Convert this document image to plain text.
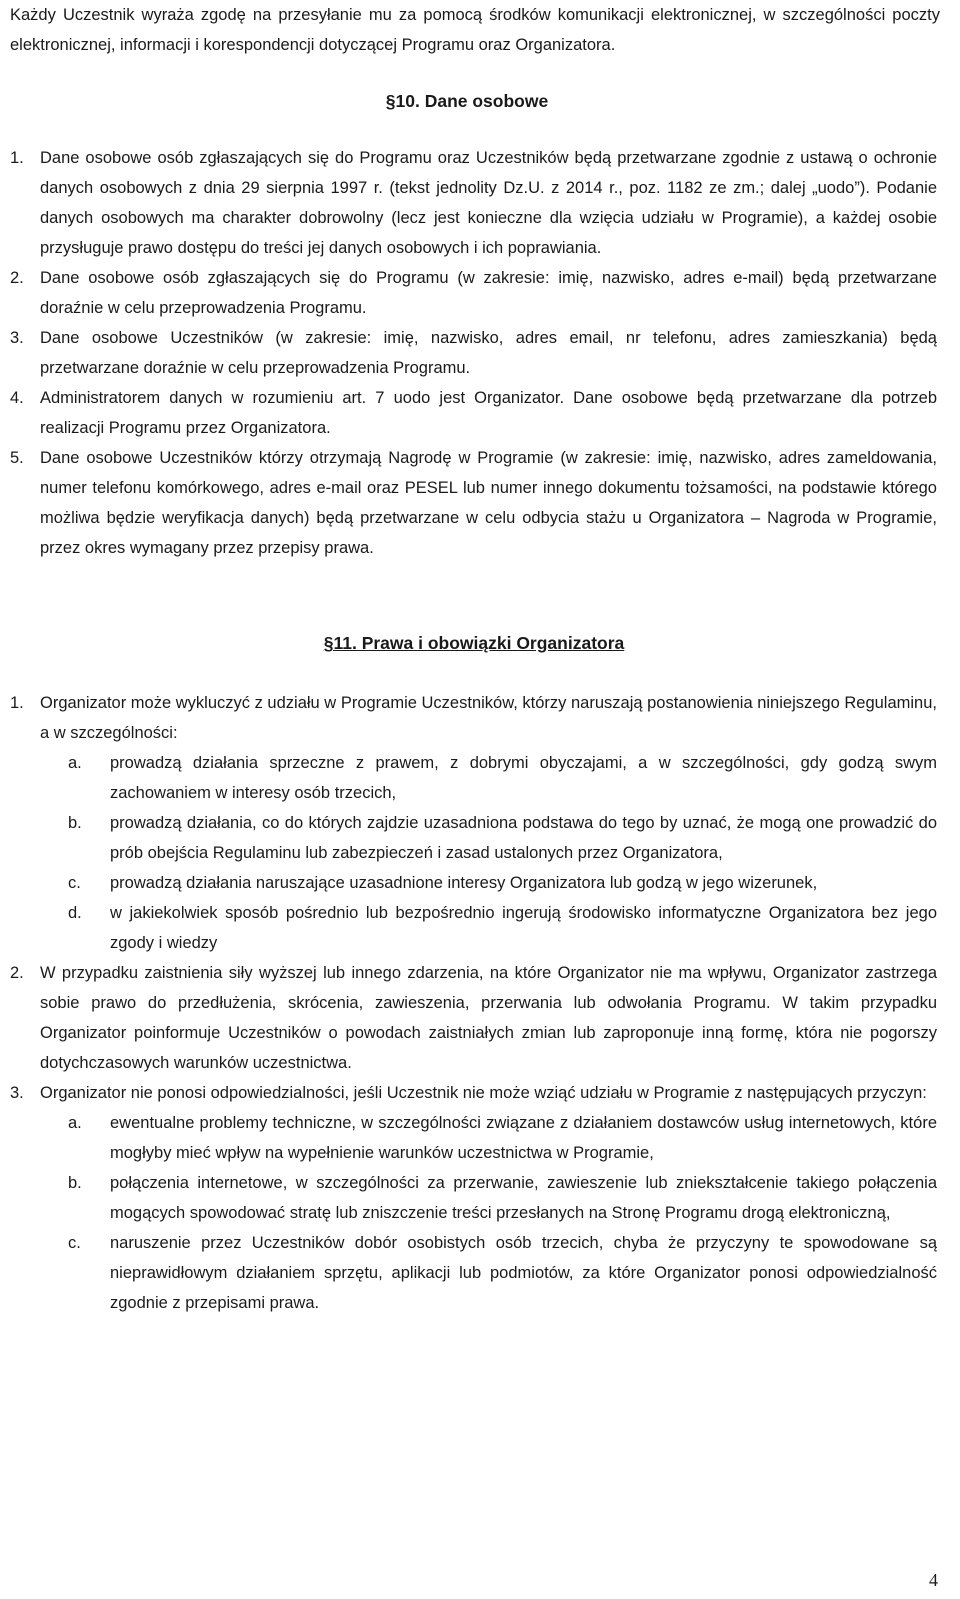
Każdy Uczestnik wyraża zgodę na przesyłanie mu za pomocą środków komunikacji elektronicznej, w szczególności poczty elektronicznej, informacji i korespondencji dotyczącej Programu oraz Organizatora.

§10. Dane osobowe
1. Dane osobowe osób zgłaszających się do Programu oraz Uczestników będą przetwarzane zgodnie z ustawą o ochronie danych osobowych z dnia 29 sierpnia 1997 r. (tekst jednolity Dz.U. z 2014 r., poz. 1182 ze zm.; dalej „uodo”). Podanie danych osobowych ma charakter dobrowolny (lecz jest konieczne dla wzięcia udziału w Programie), a każdej osobie przysługuje prawo dostępu do treści jej danych osobowych i ich poprawiania.
2. Dane osobowe osób zgłaszających się do Programu (w zakresie: imię, nazwisko, adres e-mail) będą przetwarzane doraźnie w celu przeprowadzenia Programu.
3. Dane osobowe Uczestników (w zakresie: imię, nazwisko, adres email, nr telefonu, adres zamieszkania) będą przetwarzane doraźnie w celu przeprowadzenia Programu.
4. Administratorem danych w rozumieniu art. 7 uodo jest Organizator. Dane osobowe będą przetwarzane dla potrzeb realizacji Programu przez Organizatora.
5. Dane osobowe Uczestników którzy otrzymają Nagrodę w Programie (w zakresie: imię, nazwisko, adres zameldowania, numer telefonu komórkowego, adres e-mail oraz PESEL lub numer innego dokumentu tożsamości, na podstawie którego możliwa będzie weryfikacja danych) będą przetwarzane w celu odbycia stażu u Organizatora – Nagroda w Programie, przez okres wymagany przez przepisy prawa.
§11. Prawa i obowiązki Organizatora
1. Organizator może wykluczyć z udziału w Programie Uczestników, którzy naruszają postanowienia niniejszego Regulaminu, a w szczególności:
a.	prowadzą działania sprzeczne z prawem, z dobrymi obyczajami, a w szczególności, gdy godzą swym zachowaniem w interesy osób trzecich,
b.	prowadzą działania, co do których zajdzie uzasadniona podstawa do tego by uznać, że mogą one prowadzić do prób obejścia Regulaminu lub zabezpieczeń i zasad ustalonych przez Organizatora,
c.	prowadzą działania naruszające uzasadnione interesy Organizatora lub godzą w jego wizerunek,
d.	w jakiekolwiek sposób pośrednio lub bezpośrednio ingerują środowisko informatyczne Organizatora bez jego zgody i wiedzy
2. W przypadku zaistnienia siły wyższej lub innego zdarzenia, na które Organizator nie ma wpływu, Organizator zastrzega sobie prawo do przedłużenia, skrócenia, zawieszenia, przerwania lub odwołania Programu. W takim przypadku Organizator poinformuje Uczestników o powodach zaistniałych zmian lub zaproponuje inną formę, która nie pogorszy dotychczasowych warunków uczestnictwa.
3. Organizator nie ponosi odpowiedzialności, jeśli Uczestnik nie może wziąć udziału w Programie z następujących przyczyn:
a.	ewentualne problemy techniczne, w szczególności związane z działaniem dostawców usług internetowych, które mogłyby mieć wpływ na wypełnienie warunków uczestnictwa w Programie,
b.	połączenia internetowe, w szczególności za przerwanie, zawieszenie lub zniekształcenie takiego połączenia mogących spowodować stratę lub zniszczenie treści przesłanych na Stronę Programu drogą elektroniczną,
c.	naruszenie przez Uczestników dobór osobistych osób trzecich, chyba że przyczyny te spowodowane są nieprawidłowym działaniem sprzętu, aplikacji lub podmiotów, za które Organizator ponosi odpowiedzialność zgodnie z przepisami prawa.
4
